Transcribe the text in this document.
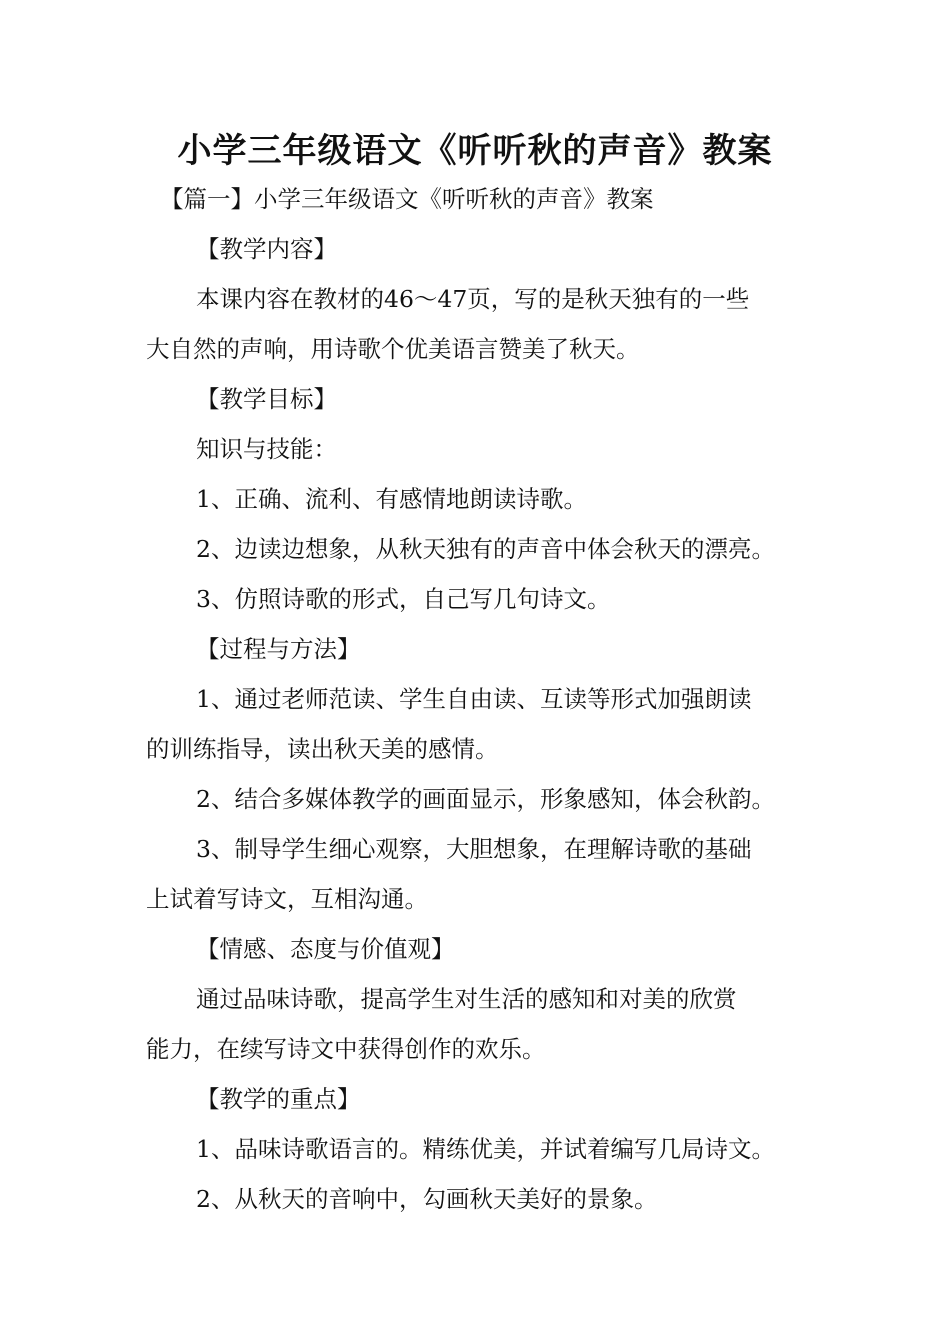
小学三年级语文《听听秋的声音》教案
【篇一】小学三年级语文《听听秋的声音》教案
【教学内容】
本课内容在教材的46～47页，写的是秋天独有的一些
大自然的声响，用诗歌个优美语言赞美了秋天。
【教学目标】
知识与技能：
1、正确、流利、有感情地朗读诗歌。
2、边读边想象，从秋天独有的声音中体会秋天的漂亮。
3、仿照诗歌的形式，自己写几句诗文。
【过程与方法】
1、通过老师范读、学生自由读、互读等形式加强朗读
的训练指导，读出秋天美的感情。
2、结合多媒体教学的画面显示，形象感知，体会秋韵。
3、制导学生细心观察，大胆想象，在理解诗歌的基础
上试着写诗文，互相沟通。
【情感、态度与价值观】
通过品味诗歌，提高学生对生活的感知和对美的欣赏
能力，在续写诗文中获得创作的欢乐。
【教学的重点】
1、品味诗歌语言的。精练优美，并试着编写几局诗文。
2、从秋天的音响中，勾画秋天美好的景象。
